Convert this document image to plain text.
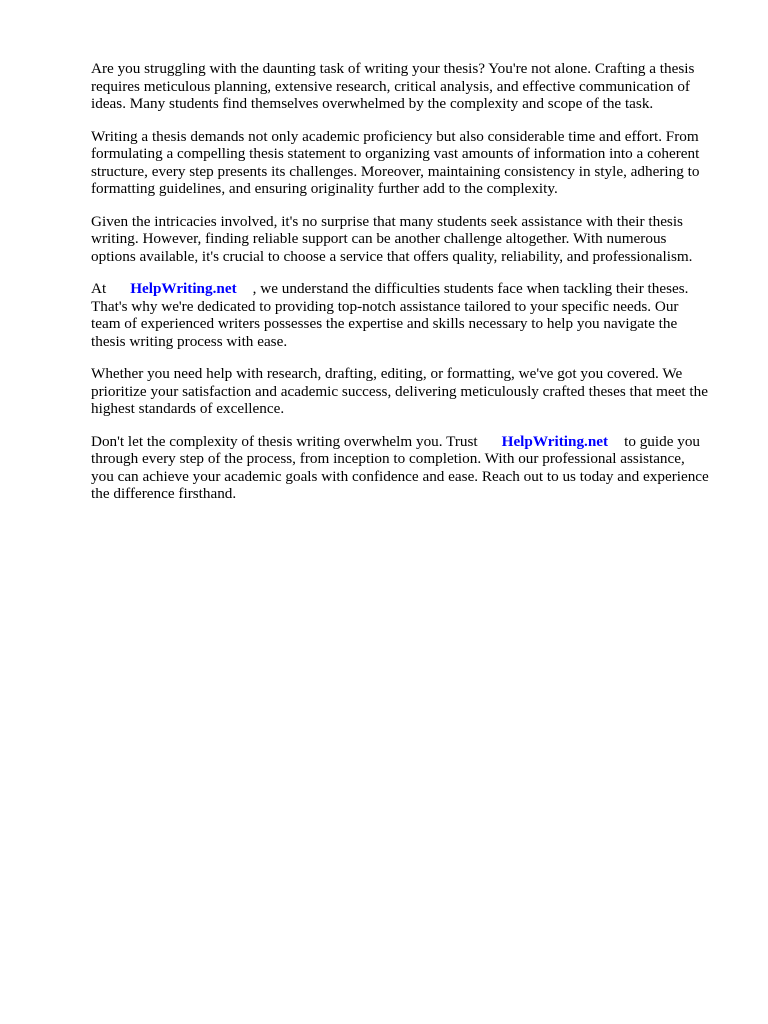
Are you struggling with the daunting task of writing your thesis? You're not alone. Crafting a thesis
requires meticulous planning, extensive research, critical analysis, and effective communication of
ideas. Many students find themselves overwhelmed by the complexity and scope of the task.

Writing a thesis demands not only academic proficiency but also considerable time and effort. From
formulating a compelling thesis statement to organizing vast amounts of information into a coherent
structure, every step presents its challenges. Moreover, maintaining consistency in style, adhering to
formatting guidelines, and ensuring originality further add to the complexity.

Given the intricacies involved, it's no surprise that many students seek assistance with their thesis
writing. However, finding reliable support can be another challenge altogether. With numerous
options available, it's crucial to choose a service that offers quality, reliability, and professionalism.

At HelpWriting.net , we understand the difficulties students face when tackling their theses.
That's why we're dedicated to providing top-notch assistance tailored to your specific needs. Our
team of experienced writers possesses the expertise and skills necessary to help you navigate the
thesis writing process with ease.

Whether you need help with research, drafting, editing, or formatting, we've got you covered. We
prioritize your satisfaction and academic success, delivering meticulously crafted theses that meet the
highest standards of excellence.

Don't let the complexity of thesis writing overwhelm you. Trust HelpWriting.net to guide you
through every step of the process, from inception to completion. With our professional assistance,
you can achieve your academic goals with confidence and ease. Reach out to us today and experience
the difference firsthand.
